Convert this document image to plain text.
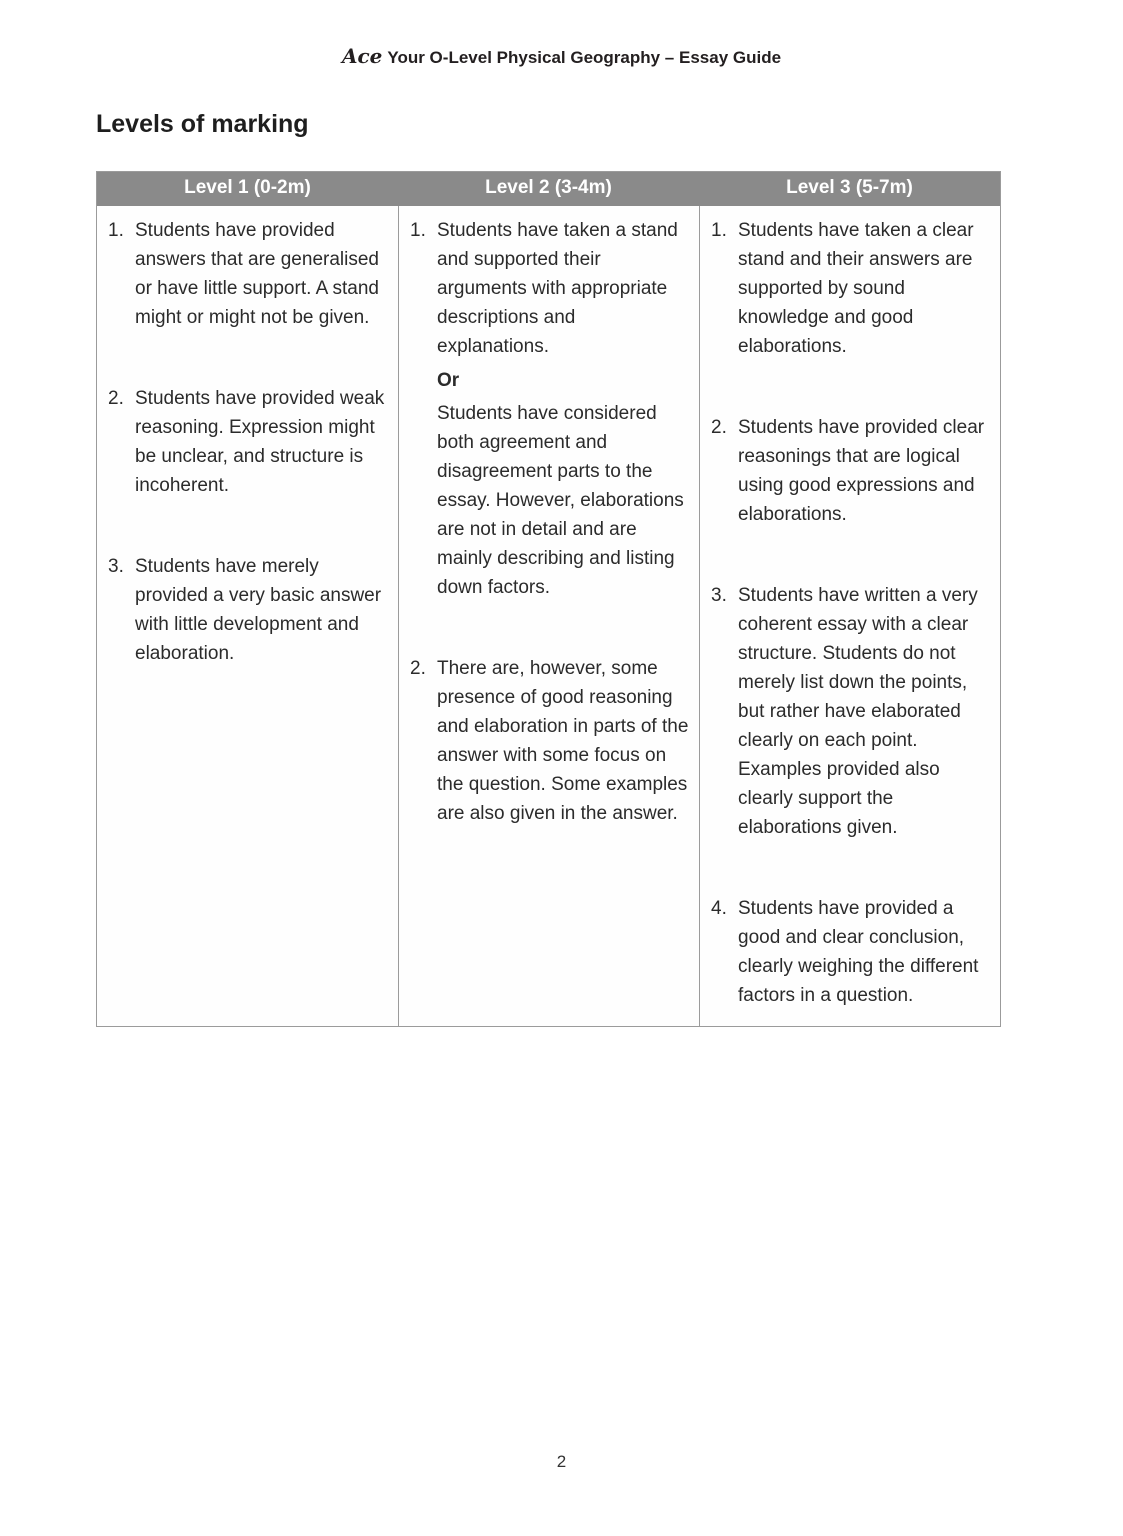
Ace Your O-Level Physical Geography – Essay Guide
Levels of marking
Level 1 (0-2m)	Level 2 (3-4m)	Level 3 (5-7m)
1. Students have provided answers that are generalised or have little support. A stand might or might not be given.
2. Students have provided weak reasoning. Expression might be unclear, and structure is incoherent.
3. Students have merely provided a very basic answer with little development and elaboration.
1. Students have taken a stand and supported their arguments with appropriate descriptions and explanations.
Or
Students have considered both agreement and disagreement parts to the essay. However, elaborations are not in detail and are mainly describing and listing down factors.
2. There are, however, some presence of good reasoning and elaboration in parts of the answer with some focus on the question. Some examples are also given in the answer.
1. Students have taken a clear stand and their answers are supported by sound knowledge and good elaborations.
2. Students have provided clear reasonings that are logical using good expressions and elaborations.
3. Students have written a very coherent essay with a clear structure. Students do not merely list down the points, but rather have elaborated clearly on each point. Examples provided also clearly support the elaborations given.
4. Students have provided a good and clear conclusion, clearly weighing the different factors in a question.
2
